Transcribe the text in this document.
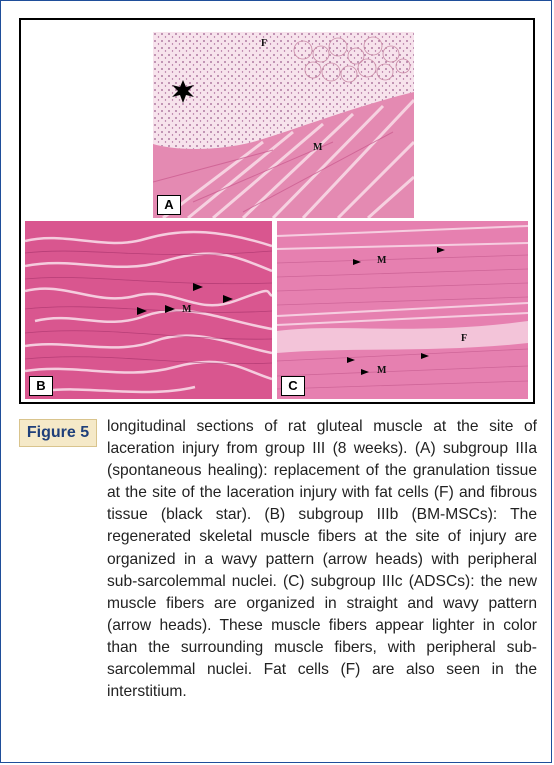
F
M
A
M
B
M
F
M
C
Figure 5	longitudinal sections of rat gluteal muscle at the site of laceration injury from group III (8 weeks). (A) subgroup IIIa (spontaneous healing): replacement of the granulation tissue at the site of the laceration injury with fat cells (F) and fibrous tissue (black star). (B) subgroup IIIb (BM-MSCs): The regenerated skeletal muscle fibers at the site of injury are organized in a wavy pattern (arrow heads) with peripheral sub-sarcolemmal nuclei. (C) subgroup IIIc (ADSCs): the new muscle fibers are organized in straight and wavy pattern (arrow heads). These muscle fibers appear lighter in color than the surrounding muscle fibers, with peripheral sub-sarcolemmal nuclei. Fat cells (F) are also seen in the interstitium.
